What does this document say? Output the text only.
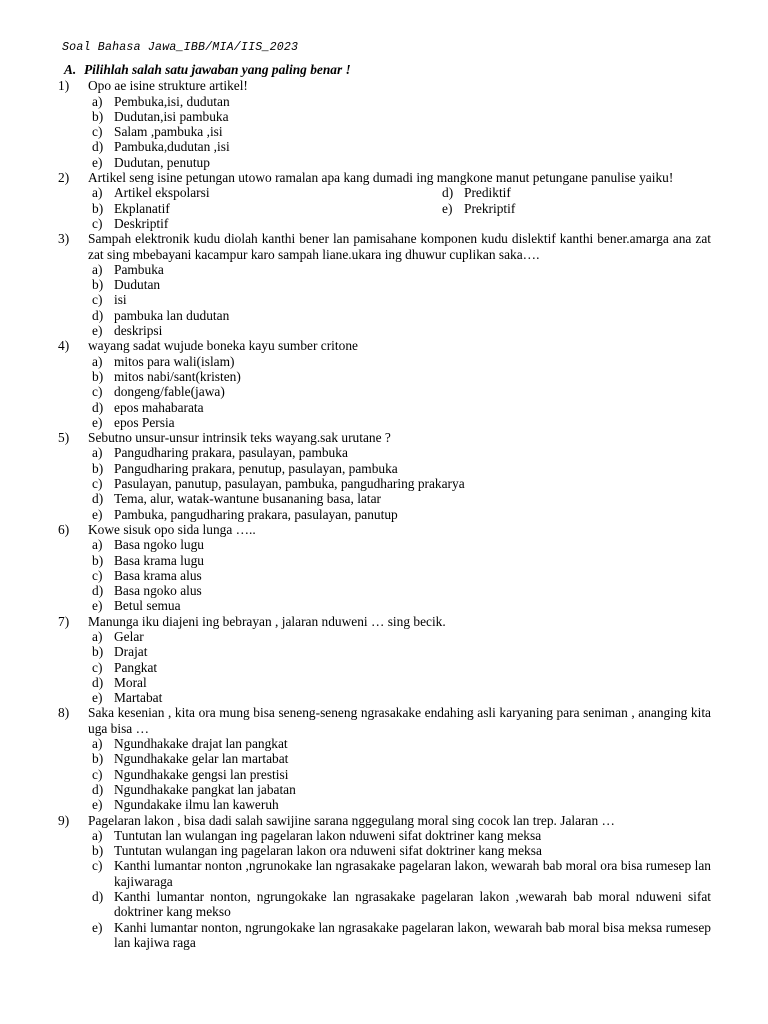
Soal Bahasa Jawa_IBB/MIA/IIS_2023
A. Pilihlah salah satu jawaban yang paling benar !
1) Opo ae isine strukture artikel!
a) Pembuka,isi, dudutan
b) Dudutan,isi pambuka
c) Salam ,pambuka ,isi
d) Pambuka,dudutan ,isi
e) Dudutan, penutup
2) Artikel seng isine petungan utowo ramalan apa kang dumadi ing mangkone manut petungane panulise yaiku!
a) Artikel ekspolarsi	d) Prediktif
b) Ekplanatif	e) Prekriptif
c) Deskriptif
3) Sampah elektronik kudu diolah kanthi bener lan pamisahane komponen kudu dislektif kanthi bener.amarga ana zat zat sing mbebayani kacampur karo sampah liane.ukara ing dhuwur cuplikan saka….
a) Pambuka
b) Dudutan
c) isi
d) pambuka lan dudutan
e) deskripsi
4) wayang sadat wujude boneka kayu sumber critone
a) mitos para wali(islam)
b) mitos nabi/sant(kristen)
c) dongeng/fable(jawa)
d) epos mahabarata
e) epos Persia
5) Sebutno unsur-unsur intrinsik teks wayang.sak urutane ?
a) Pangudharing prakara, pasulayan, pambuka
b) Pangudharing prakara, penutup, pasulayan, pambuka
c) Pasulayan, panutup, pasulayan, pambuka, pangudharing prakarya
d) Tema, alur, watak-wantune busananing basa, latar
e) Pambuka, pangudharing prakara, pasulayan, panutup
6) Kowe sisuk opo sida lunga …..
a) Basa ngoko lugu
b) Basa krama lugu
c) Basa krama alus
d) Basa ngoko alus
e) Betul semua
7) Manunga iku diajeni ing bebrayan , jalaran nduweni … sing becik.
a) Gelar
b) Drajat
c) Pangkat
d) Moral
e) Martabat
8) Saka kesenian , kita ora mung bisa seneng-seneng ngrasakake endahing asli karyaning para seniman , ananging kita uga bisa …
a) Ngundhakake drajat lan pangkat
b) Ngundhakake gelar lan martabat
c) Ngundhakake gengsi lan prestisi
d) Ngundhakake pangkat lan jabatan
e) Ngundakake ilmu lan kaweruh
9) Pagelaran lakon , bisa dadi salah sawijine sarana nggegulang moral sing cocok lan trep. Jalaran …
a) Tuntutan lan wulangan ing pagelaran lakon nduweni sifat doktriner kang meksa
b) Tuntutan wulangan ing pagelaran lakon ora nduweni sifat doktriner kang meksa
c) Kanthi lumantar nonton ,ngrunokake lan ngrasakake pagelaran lakon, wewarah bab moral ora bisa rumesep lan kajiwaraga
d) Kanthi lumantar nonton, ngrungokake lan ngrasakake pagelaran lakon ,wewarah bab moral nduweni sifat doktriner kang mekso
e) Kanhi lumantar nonton, ngrungokake lan ngrasakake pagelaran lakon, wewarah bab moral bisa meksa rumesep lan kajiwa raga
